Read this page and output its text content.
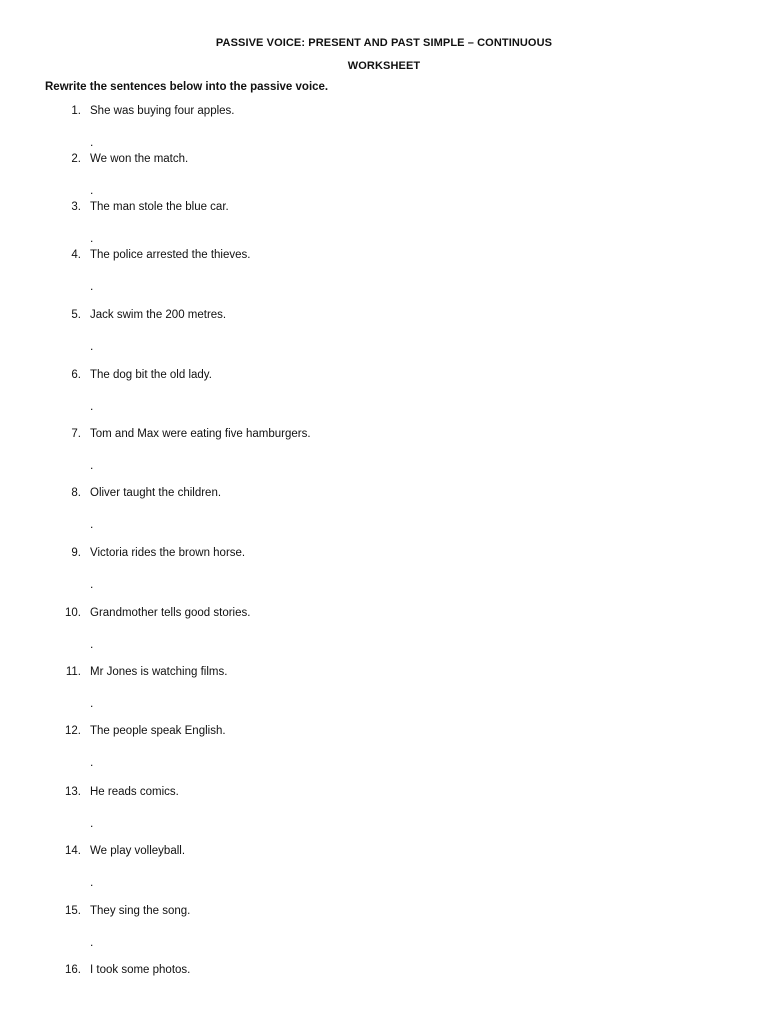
PASSIVE VOICE: PRESENT AND PAST SIMPLE – CONTINUOUS
WORKSHEET
Rewrite the sentences below into the passive voice.
1. She was buying four apples.
.
2. We won the match.
.
3. The man stole the blue car.
.
4. The police arrested the thieves.
.
5. Jack swim the 200 metres.
.
6. The dog bit the old lady.
.
7. Tom and Max were eating five hamburgers.
.
8. Oliver taught the children.
.
9. Victoria rides the brown horse.
.
10. Grandmother tells good stories.
.
11. Mr Jones is watching films.
.
12. The people speak English.
.
13. He reads comics.
.
14. We play volleyball.
.
15. They sing the song.
.
16. I took some photos.
